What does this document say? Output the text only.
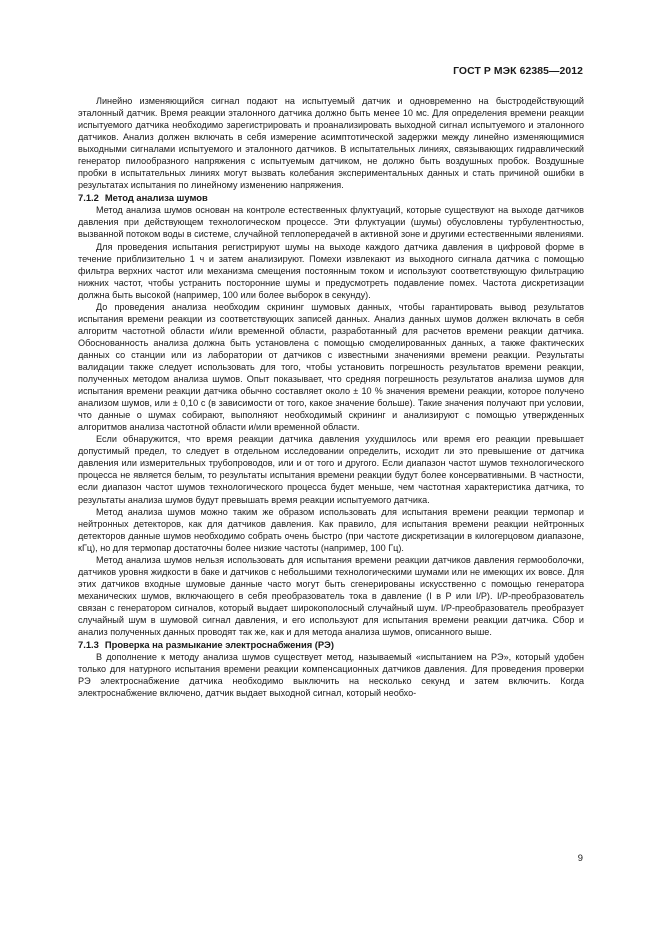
ГОСТ Р МЭК 62385—2012

Линейно изменяющийся сигнал подают на испытуемый датчик и одновременно на быстродействующий эталонный датчик. Время реакции эталонного датчика должно быть менее 10 мс. Для определения времени реакции испытуемого датчика необходимо зарегистрировать и проанализировать выходной сигнал испытуемого и эталонного датчиков. Анализ должен включать в себя измерение асимптотической задержки между линейно изменяющимися выходными сигналами испытуемого и эталонного датчиков. В испытательных линиях, связывающих гидравлический генератор пилообразного напряжения с испытуемым датчиком, не должно быть воздушных пробок. Воздушные пробки в испытательных линиях могут вызвать колебания экспериментальных данных и стать причиной ошибки в результатах испытания по линейному изменению напряжения.

7.1.2 Метод анализа шумов

Метод анализа шумов основан на контроле естественных флуктуаций, которые существуют на выходе датчиков давления при действующем технологическом процессе. Эти флуктуации (шумы) обусловлены турбулентностью, вызванной потоком воды в системе, случайной теплопередачей в активной зоне и другими естественными явлениями.

Для проведения испытания регистрируют шумы на выходе каждого датчика давления в цифровой форме в течение приблизительно 1 ч и затем анализируют. Помехи извлекают из выходного сигнала датчика с помощью фильтра верхних частот или механизма смещения постоянным током и используют соответствующую фильтрацию нижних частот, чтобы устранить посторонние шумы и предусмотреть подавление помех. Частота дискретизации должна быть высокой (например, 100 или более выборок в секунду).

До проведения анализа необходим скрининг шумовых данных, чтобы гарантировать вывод результатов испытания времени реакции из соответствующих записей данных. Анализ данных шумов должен включать в себя алгоритм частотной области и/или временной области, разработанный для расчетов времени реакции датчика. Обоснованность анализа должна быть установлена с помощью смоделированных данных, а также фактических данных со станции или из лаборатории от датчиков с известными значениями времени реакции. Результаты валидации также следует использовать для того, чтобы установить погрешность результатов времени реакции, полученных методом анализа шумов. Опыт показывает, что средняя погрешность результатов анализа шумов для испытания времени реакции датчика обычно составляет около ± 10 % значения времени реакции, которое получено анализом шумов, или ± 0,10 с (в зависимости от того, какое значение больше). Такие значения получают при условии, что данные о шумах собирают, выполняют необходимый скрининг и анализируют с помощью утвержденных алгоритмов анализа частотной области и/или временной области.

Если обнаружится, что время реакции датчика давления ухудшилось или время его реакции превышает допустимый предел, то следует в отдельном исследовании определить, исходит ли это превышение от датчика давления или измерительных трубопроводов, или и от того и другого. Если диапазон частот шумов технологического процесса не является белым, то результаты испытания времени реакции будут более консервативными. В частности, если диапазон частот шумов технологического процесса будет меньше, чем частотная характеристика датчика, то результаты анализа шумов будут превышать время реакции испытуемого датчика.

Метод анализа шумов можно таким же образом использовать для испытания времени реакции термопар и нейтронных детекторов, как для датчиков давления. Как правило, для испытания времени реакции нейтронных детекторов данные шумов необходимо собрать очень быстро (при частоте дискретизации в килогерцовом диапазоне, кГц), но для термопар достаточны более низкие частоты (например, 100 Гц).

Метод анализа шумов нельзя использовать для испытания времени реакции датчиков давления гермооболочки, датчиков уровня жидкости в баке и датчиков с небольшими технологическими шумами или не имеющих их вовсе. Для этих датчиков входные шумовые данные часто могут быть сгенерированы искусственно с помощью генератора механических шумов, включающего в себя преобразователь тока в давление (I в P или I/P). I/P-преобразователь связан с генератором сигналов, который выдает широкополосный случайный шум. I/P-преобразователь преобразует случайный шум в шумовой сигнал давления, и его используют для испытания времени реакции датчика. Сбор и анализ полученных данных проводят так же, как и для метода анализа шумов, описанного выше.

7.1.3 Проверка на размыкание электроснабжения (РЭ)

В дополнение к методу анализа шумов существует метод, называемый «испытанием на РЭ», который удобен только для натурного испытания времени реакции компенсационных датчиков давления. Для проведения проверки РЭ электроснабжение датчика необходимо выключить на несколько секунд и затем включить. Когда электроснабжение включено, датчик выдает выходной сигнал, который необхо-

9
